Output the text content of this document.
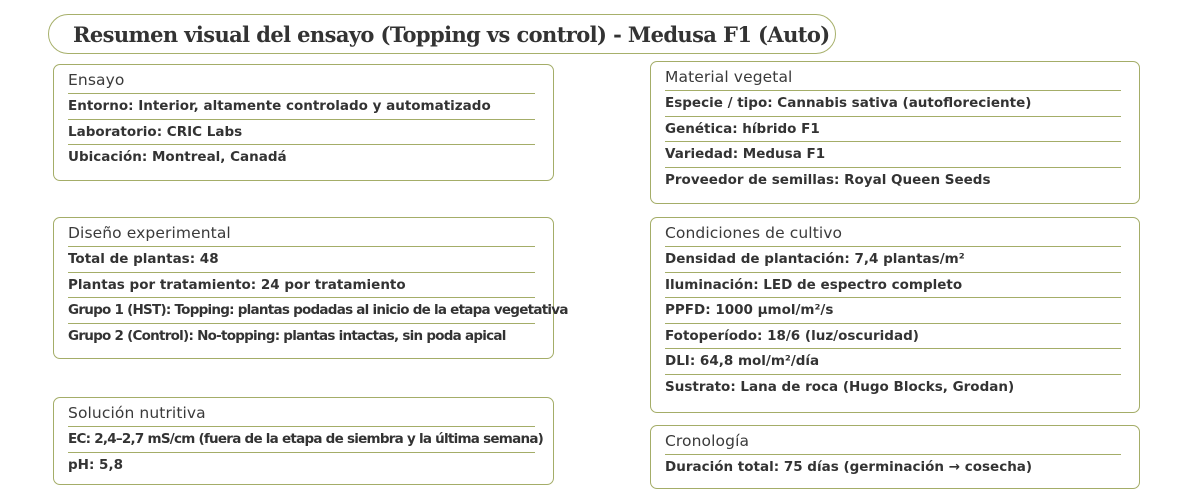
Resumen visual del ensayo (Topping vs control) - Medusa F1 (Auto)
Ensayo
Entorno: Interior, altamente controlado y automatizado
Laboratorio: CRIC Labs
Ubicación: Montreal, Canadá
Diseño experimental
Total de plantas: 48
Plantas por tratamiento: 24 por tratamiento
Grupo 1 (HST): Topping: plantas podadas al inicio de la etapa vegetativa
Grupo 2 (Control): No-topping: plantas intactas, sin poda apical
Solución nutritiva
EC: 2,4–2,7 mS/cm (fuera de la etapa de siembra y la última semana)
pH: 5,8
Material vegetal
Especie / tipo: Cannabis sativa (autofloreciente)
Genética: híbrido F1
Variedad: Medusa F1
Proveedor de semillas: Royal Queen Seeds
Condiciones de cultivo
Densidad de plantación: 7,4 plantas/m²
Iluminación: LED de espectro completo
PPFD: 1000 µmol/m²/s
Fotoperíodo: 18/6 (luz/oscuridad)
DLI: 64,8 mol/m²/día
Sustrato: Lana de roca (Hugo Blocks, Grodan)
Cronología
Duración total: 75 días (germinación → cosecha)
